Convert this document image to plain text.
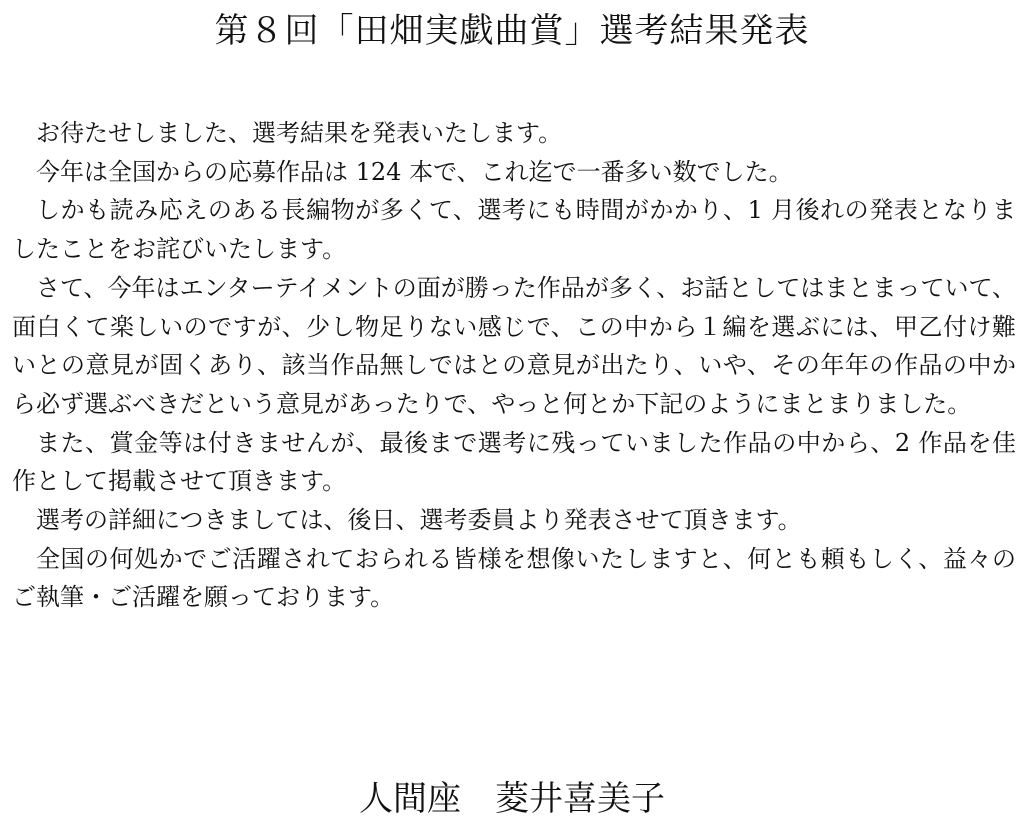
第８回「田畑実戯曲賞」選考結果発表

お待たせしました、選考結果を発表いたします。

今年は全国からの応募作品は 124 本で、これ迄で一番多い数でした。

しかも読み応えのある長編物が多くて、選考にも時間がかかり、1 月後れの発表となりましたことをお詫びいたします。

さて、今年はエンターテイメントの面が勝った作品が多く、お話としてはまとまっていて、面白くて楽しいのですが、少し物足りない感じで、この中から１編を選ぶには、甲乙付け難いとの意見が固くあり、該当作品無しではとの意見が出たり、いや、その年年の作品の中から必ず選ぶべきだという意見があったりで、やっと何とか下記のようにまとまりました。

また、賞金等は付きませんが、最後まで選考に残っていました作品の中から、2 作品を佳作として掲載させて頂きます。

選考の詳細につきましては、後日、選考委員より発表させて頂きます。

全国の何処かでご活躍されておられる皆様を想像いたしますと、何とも頼もしく、益々のご執筆・ご活躍を願っております。

人間座　菱井喜美子
